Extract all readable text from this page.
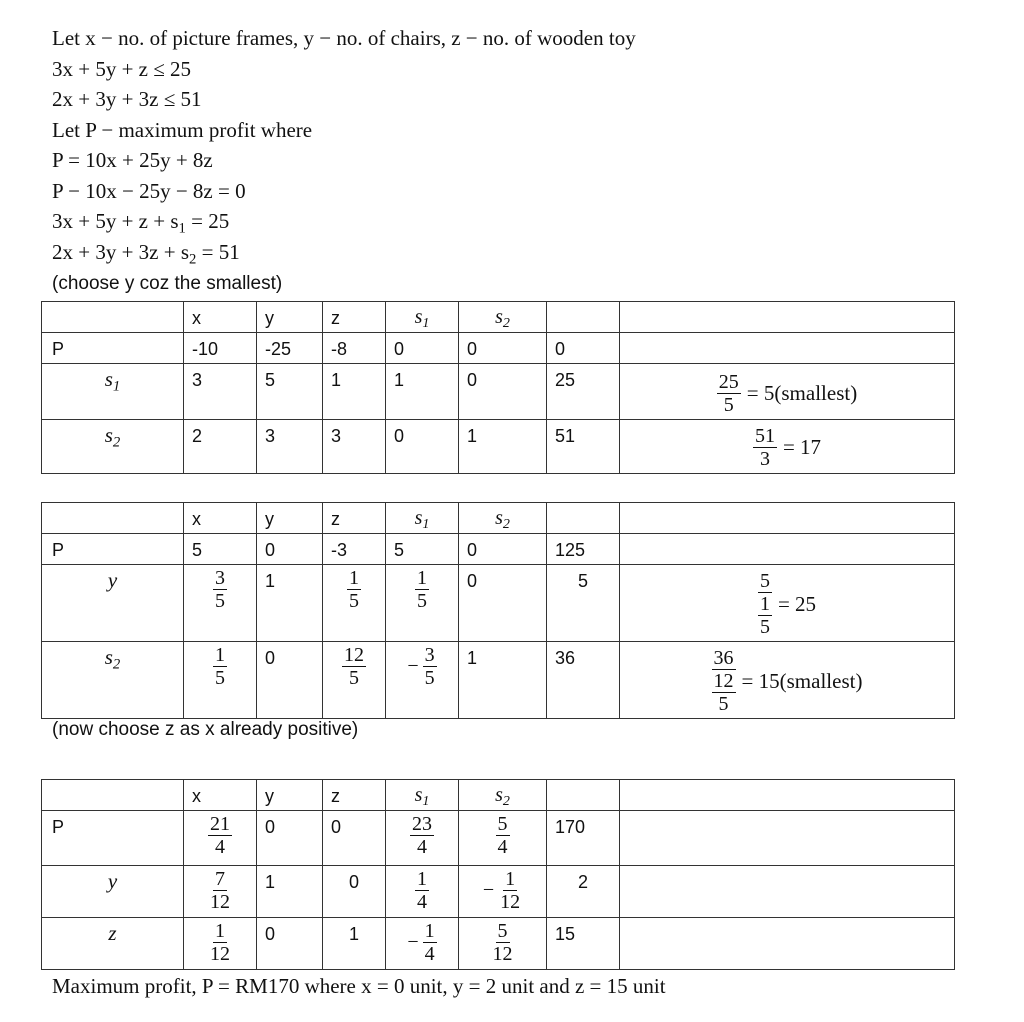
Let x − no. of picture frames, y − no. of chairs, z − no. of wooden toy
3x + 5y + z ≤ 25
2x + 3y + 3z ≤ 51
Let P − maximum profit where
P = 10x + 25y + 8z
P − 10x − 25y − 8z = 0
$3x + 5y + z + s_1 = 25$
$2x + 3y + 3z + s_2 = 51$
(choose y coz the smallest)

	x	y	z	$s_1$	$s_2$

P	-10	-25	-8	0	0	0	

$s_1$	3	5	1	1	0	25	$\frac{25}{5}$ = 5(smallest)

$s_2$	2	3	3	0	1	51	$\frac{51}{3} = 17$

	x	y	z	$s_1$	$s_2$

P	5	0	-3	5	0	125	

y	$\frac{3}{5}$	1	$\frac{1}{5}$	$\frac{1}{5}$	0	5	$\frac{5}{\frac{1}{5}} = 25$

$s_2$	$\frac{1}{5}$	0	$\frac{12}{5}$	− $\frac{3}{5}$	1	36	$\frac{36}{\frac{12}{5}}$ = 15(smallest)
(now choose z as x already positive)

	x	y	z	$s_1$	$s_2$

P	$\frac{21}{4}$	0	0	$\frac{23}{4}$	$\frac{5}{4}$	170	

y	$\frac{7}{12}$	1	0	$\frac{1}{4}$	− $\frac{1}{12}$	2	

z	$\frac{1}{12}$	0	1	− $\frac{1}{4}$	$\frac{5}{12}$	15	

Maximum profit, P = RM170 where x = 0 unit, y = 2 unit and z = 15 unit
